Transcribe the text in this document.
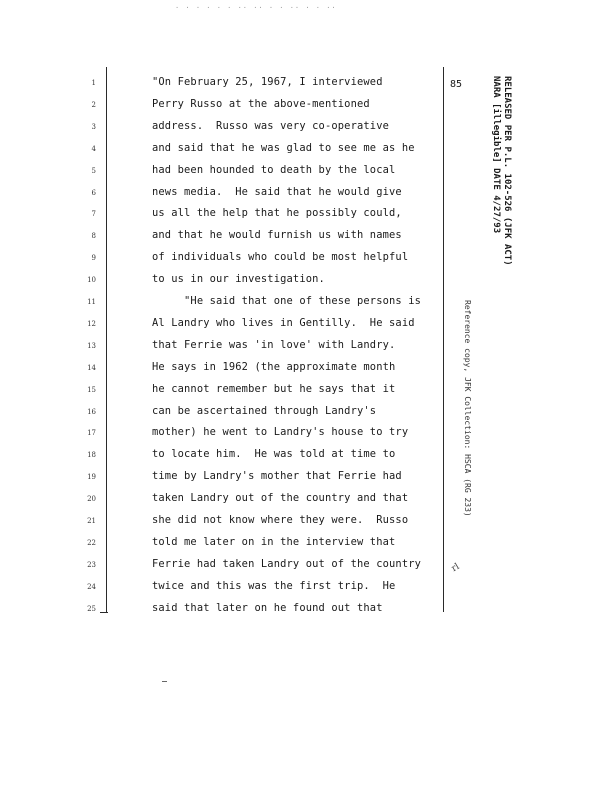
· · · · · · ·· ·· · · ·· · · ··
1
2
3
4
5
6
7
8
9
10
11
12
13
14
15
16
17
18
19
20
21
22
23
24
25
"On February 25, 1967, I interviewed
Perry Russo at the above-mentioned
address.  Russo was very co-operative
and said that he was glad to see me as he
had been hounded to death by the local
news media.  He said that he would give
us all the help that he possibly could,
and that he would furnish us with names
of individuals who could be most helpful
to us in our investigation.
"He said that one of these persons is
Al Landry who lives in Gentilly.  He said
that Ferrie was 'in love' with Landry.
He says in 1962 (the approximate month
he cannot remember but he says that it
can be ascertained through Landry's
mother) he went to Landry's house to try
to locate him.  He was told at time to
time by Landry's mother that Ferrie had
taken Landry out of the country and that
she did not know where they were.  Russo
told me later on in the interview that
Ferrie had taken Landry out of the country
twice and this was the first trip.  He
said that later on he found out that
85	RELEASED PER P.L. 102-526 (JFK ACT)
NARA [illegible] DATE 4/27/93
Reference copy, JFK Collection: HSCA (RG 233)
rl
